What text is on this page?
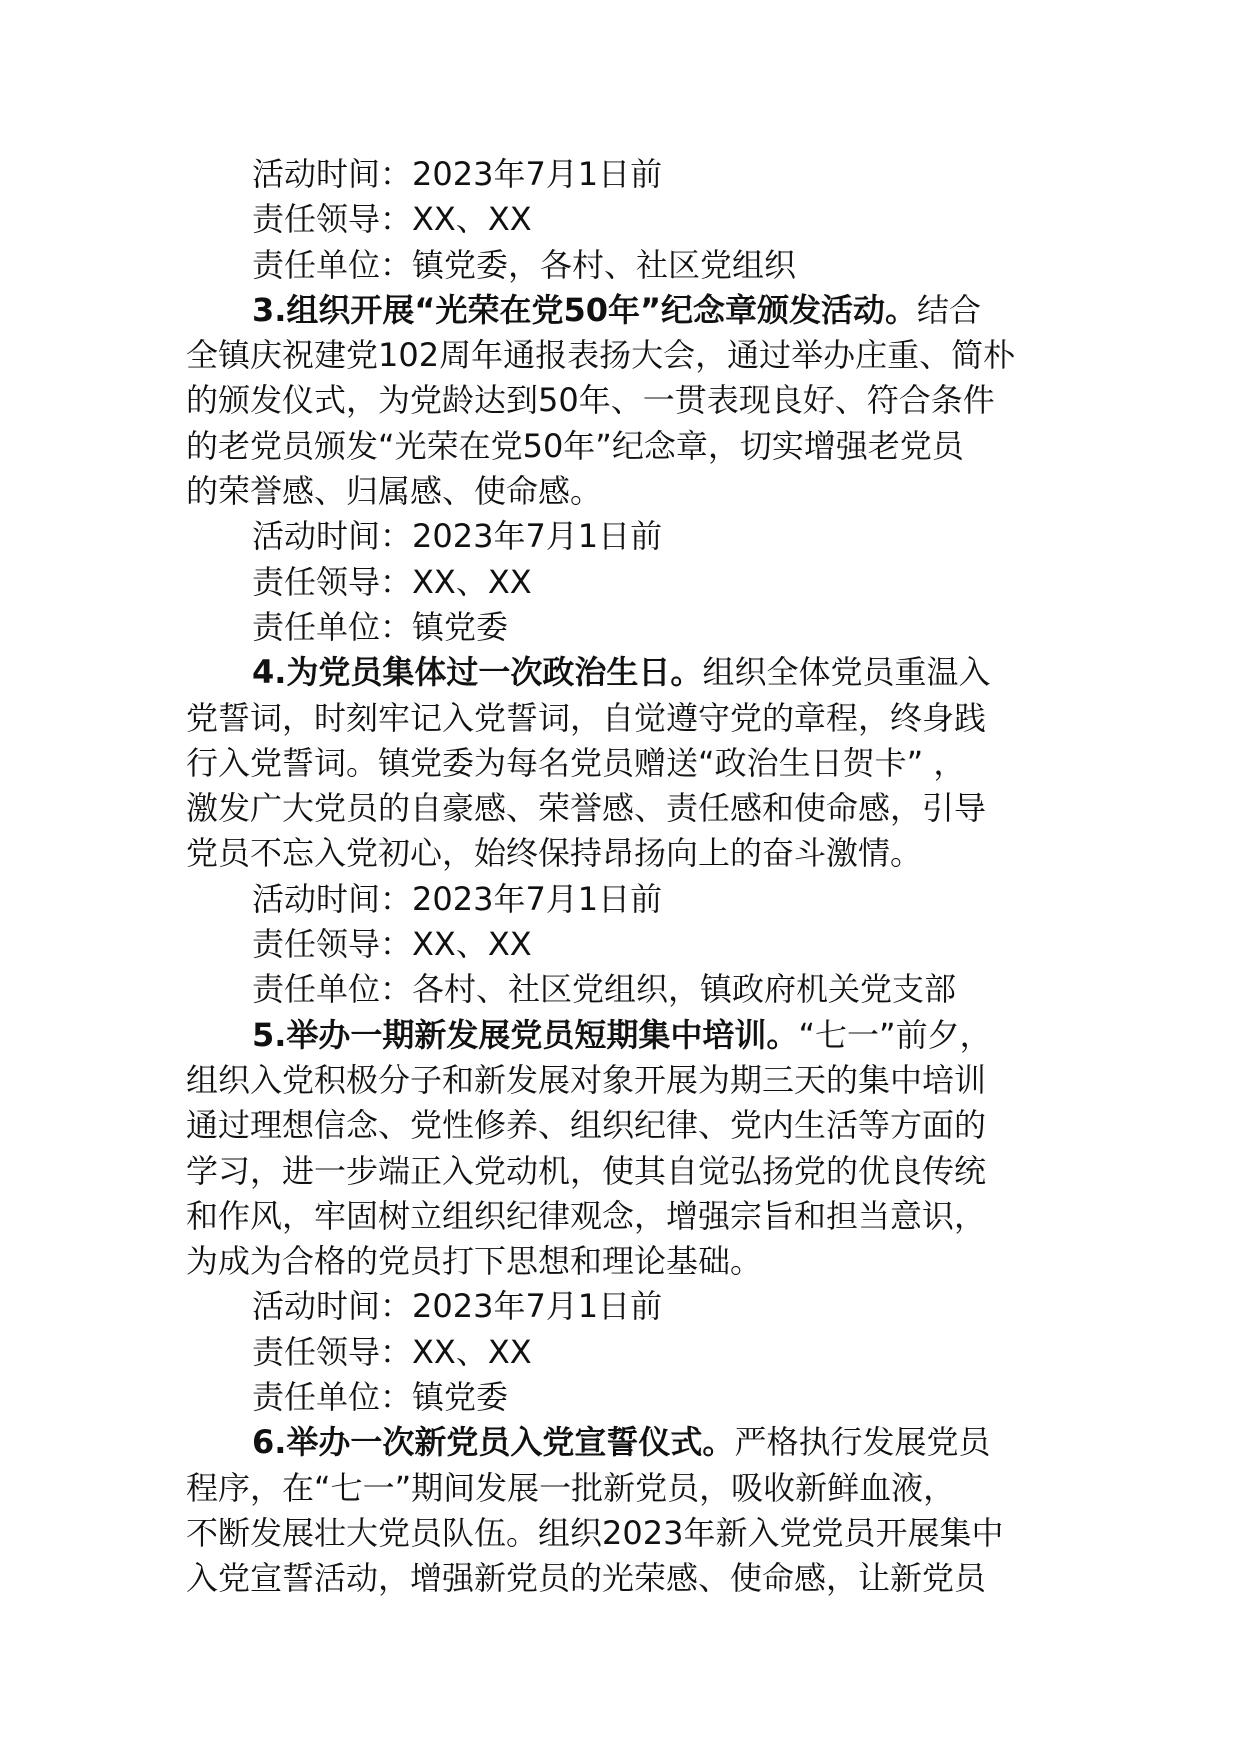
活动时间：2023年7月1日前
责任领导：XX、XX
责任单位：镇党委，各村、社区党组织
3.组织开展“光荣在党50年”纪念章颁发活动。结合
全镇庆祝建党102周年通报表扬大会，通过举办庄重、简朴
的颁发仪式，为党龄达到50年、一贯表现良好、符合条件
的老党员颁发“光荣在党50年”纪念章，切实增强老党员
的荣誉感、归属感、使命感。
活动时间：2023年7月1日前
责任领导：XX、XX
责任单位：镇党委
4.为党员集体过一次政治生日。组织全体党员重温入
党誓词，时刻牢记入党誓词，自觉遵守党的章程，终身践
行入党誓词。镇党委为每名党员赠送“政治生日贺卡” ，
激发广大党员的自豪感、荣誉感、责任感和使命感，引导
党员不忘入党初心，始终保持昂扬向上的奋斗激情。
活动时间：2023年7月1日前
责任领导：XX、XX
责任单位：各村、社区党组织，镇政府机关党支部
5.举办一期新发展党员短期集中培训。“七一”前夕，
组织入党积极分子和新发展对象开展为期三天的集中培训
通过理想信念、党性修养、组织纪律、党内生活等方面的
学习，进一步端正入党动机，使其自觉弘扬党的优良传统
和作风，牢固树立组织纪律观念，增强宗旨和担当意识，
为成为合格的党员打下思想和理论基础。
活动时间：2023年7月1日前
责任领导：XX、XX
责任单位：镇党委
6.举办一次新党员入党宣誓仪式。严格执行发展党员
程序，在“七一”期间发展一批新党员，吸收新鲜血液，
不断发展壮大党员队伍。组织2023年新入党党员开展集中
入党宣誓活动，增强新党员的光荣感、使命感，让新党员
